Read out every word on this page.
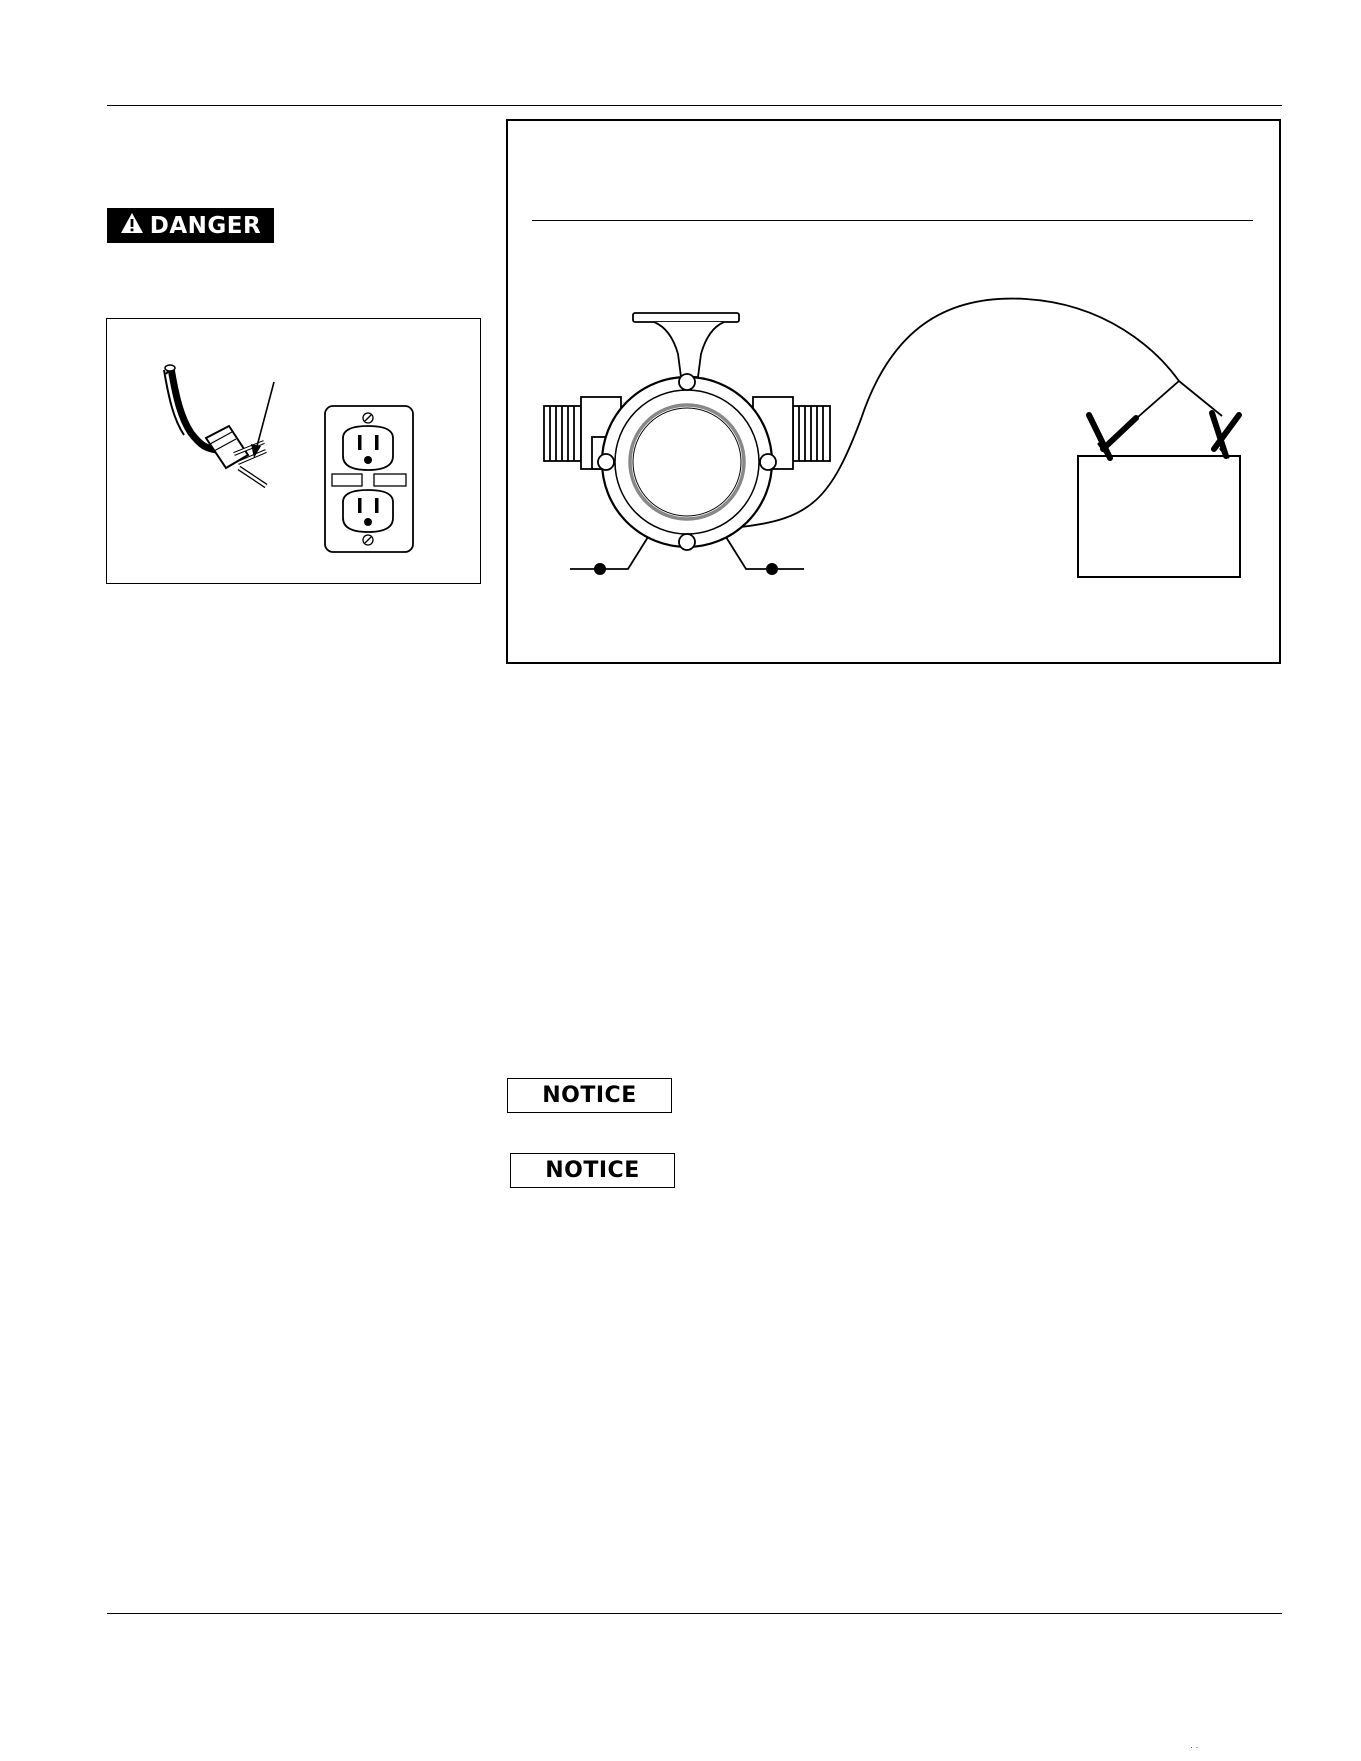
DANGER
NOTICE
NOTICE
· ·
